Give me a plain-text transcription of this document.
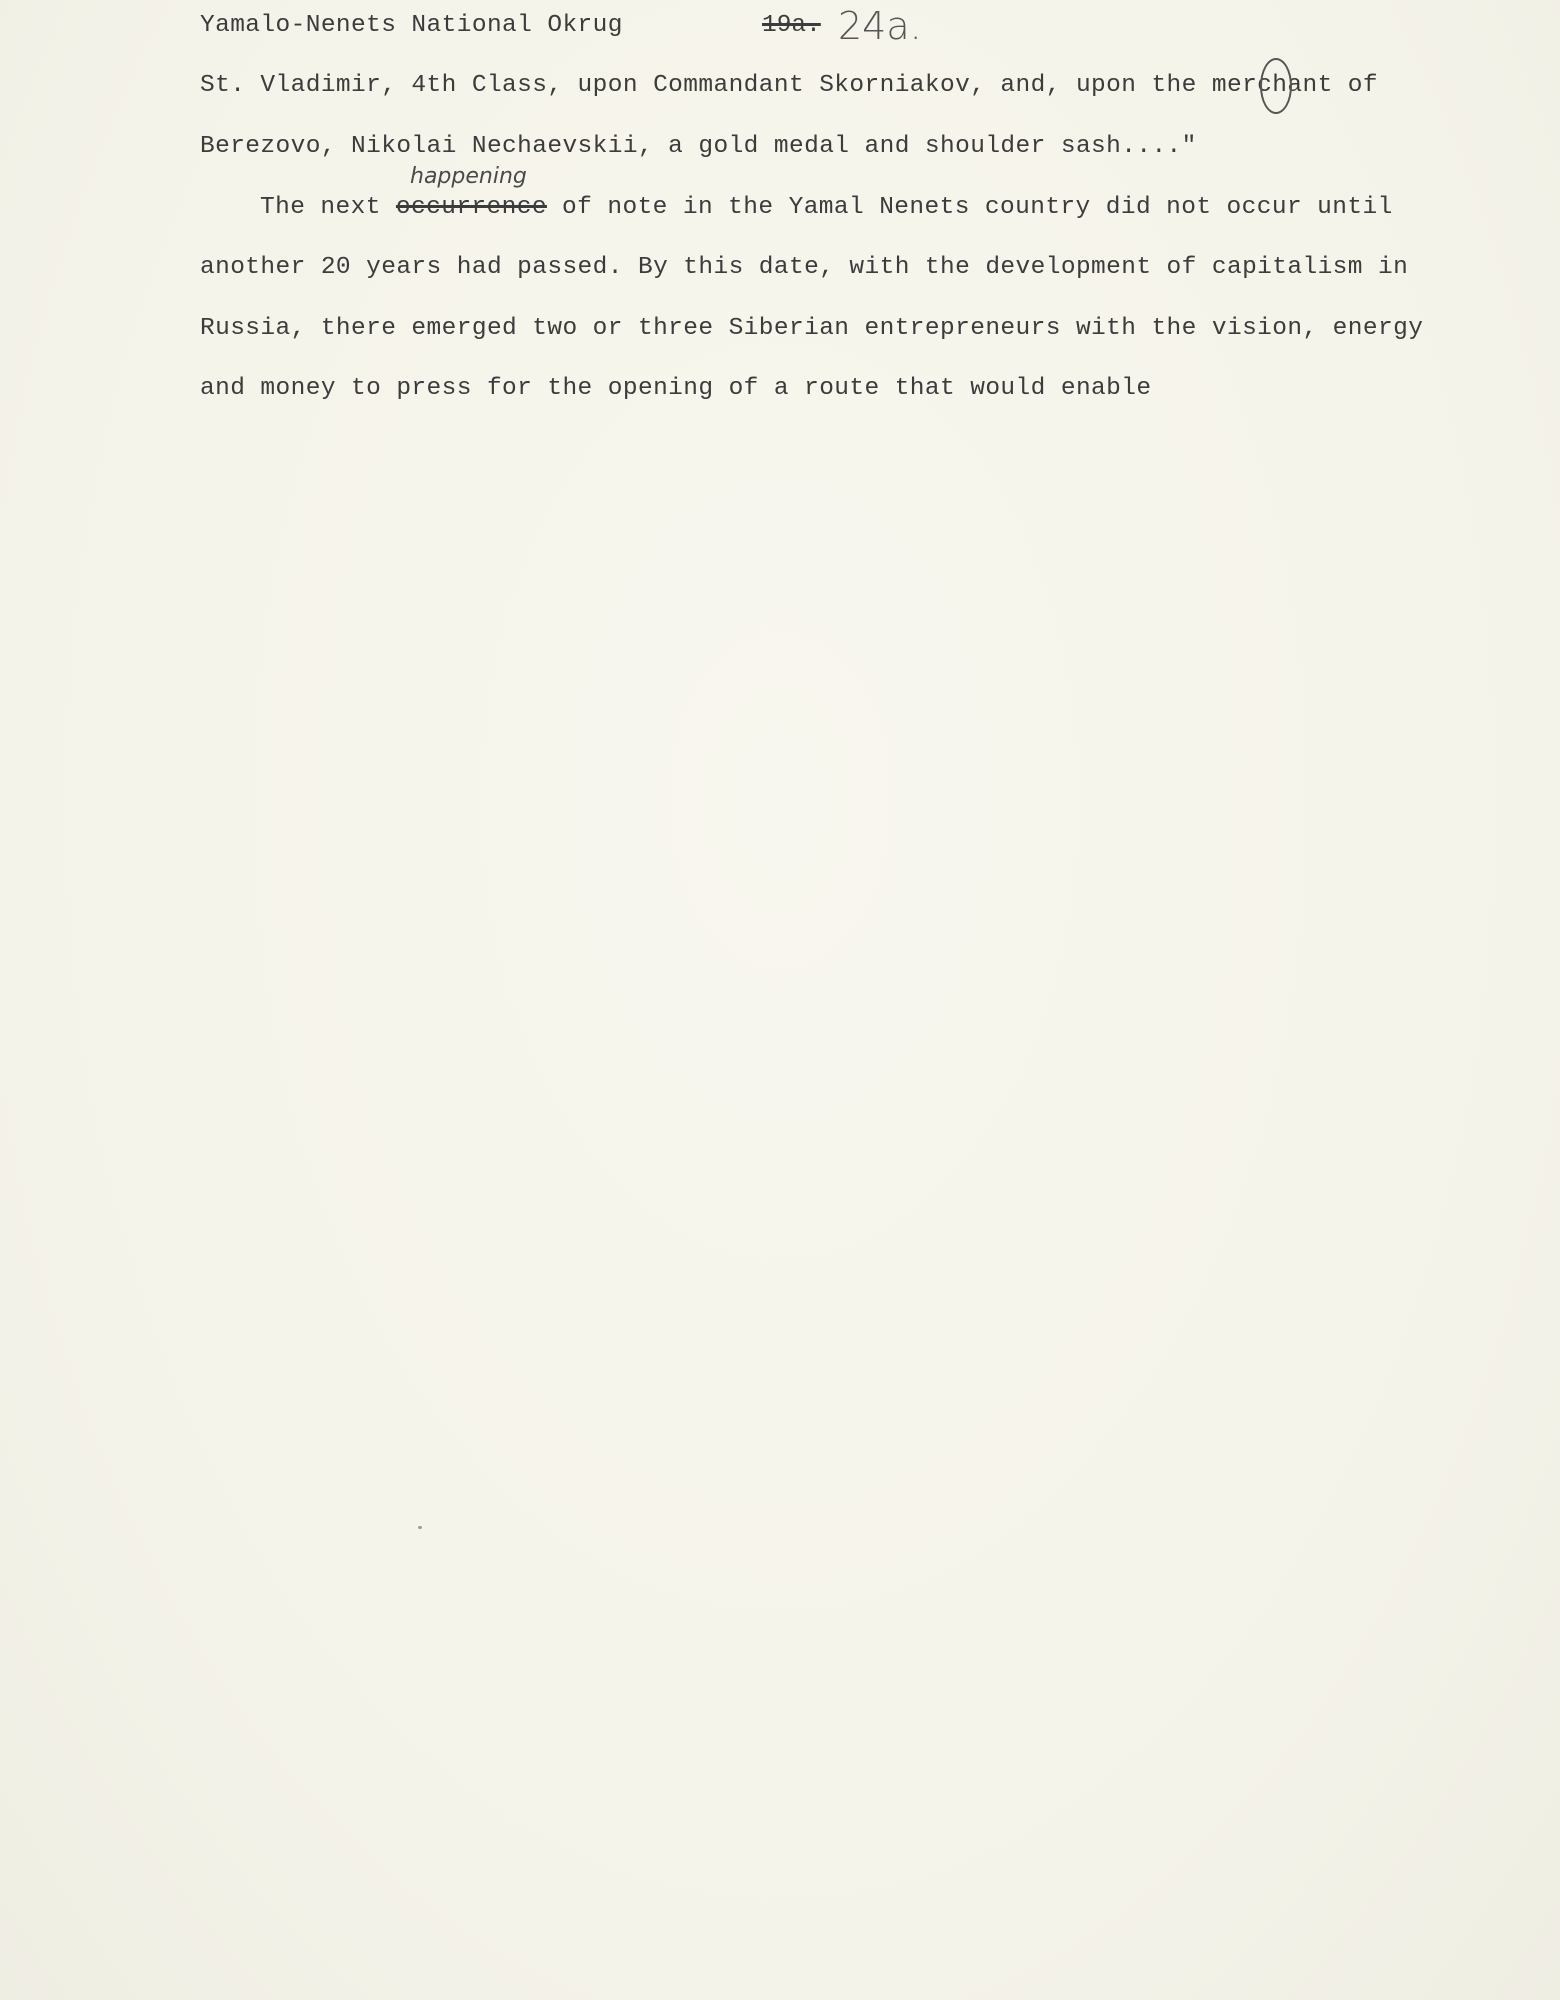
Yamalo-Nenets National Okrug	19a. 24a.
St. Vladimir, 4th Class, upon Commandant Skorniakov, and, upon the merchant of
Berezovo, Nikolai Nechaevskii, a gold medal and shoulder sash...."
happening
The next occurrence of note in the Yamal Nenets country did not occur until
another 20 years had passed. By this date, with the development of capitalism in
Russia, there emerged two or three Siberian entrepreneurs with the vision, energy
and money to press for the opening of a route that would enable
